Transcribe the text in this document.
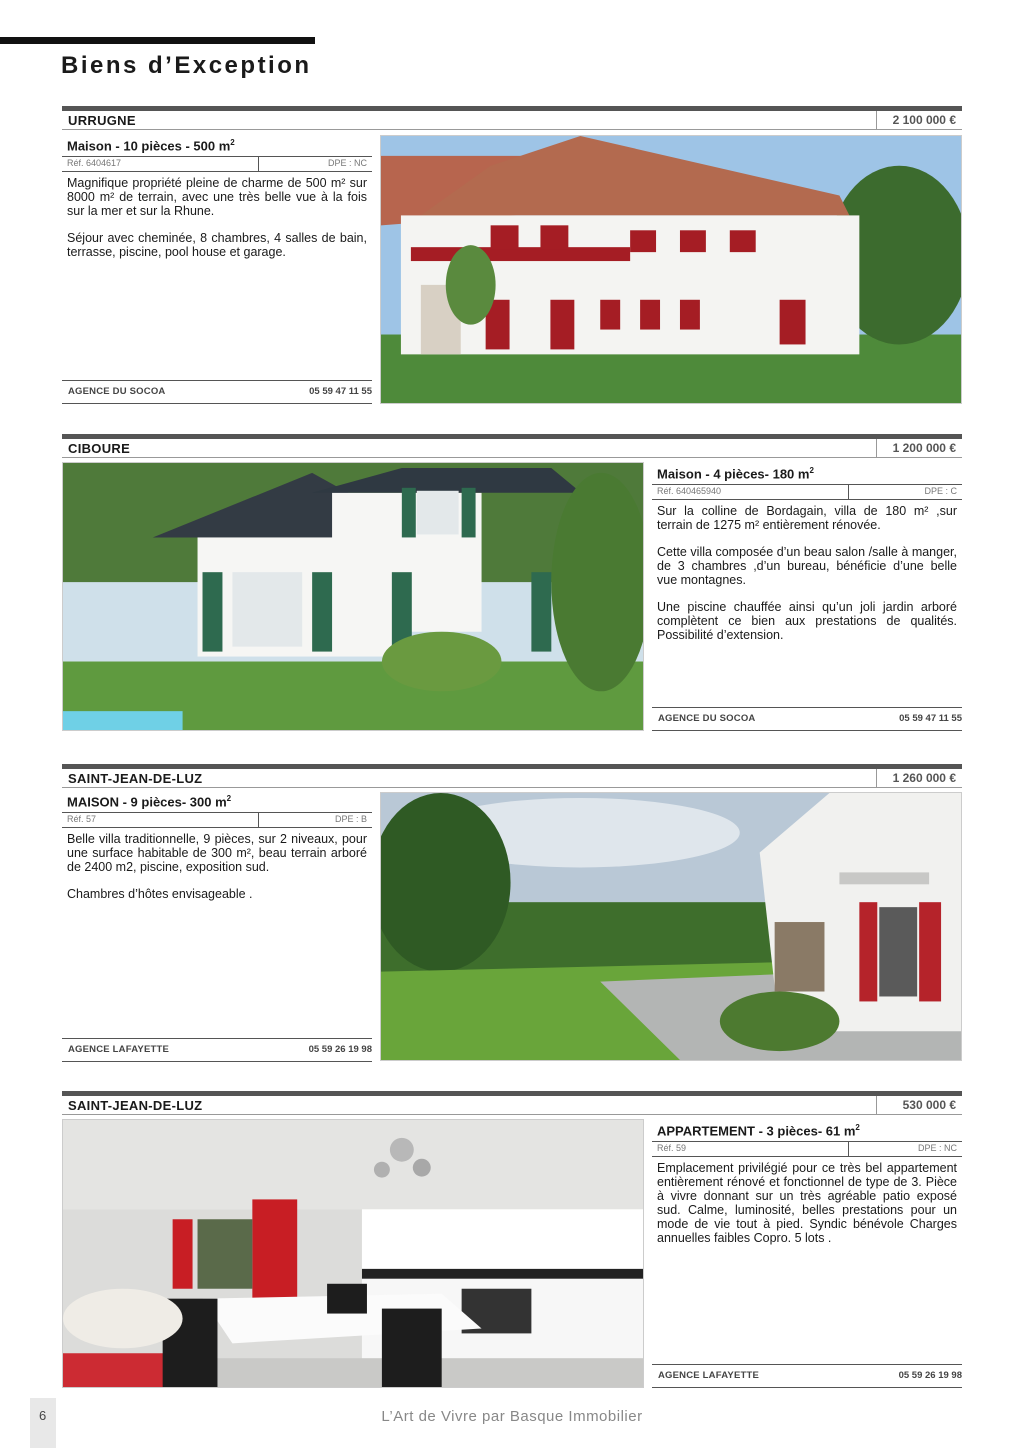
Biens d’Exception
URRUGNE	2 100 000 €
Maison - 10 pièces - 500 $m^2$
Réf. 6404617	DPE : NC

Magnifique propriété pleine de charme de 500 m² sur 8000 m² de terrain, avec une très belle vue à la fois sur la mer et sur la Rhune.

Séjour avec cheminée, 8 chambres, 4 salles de bain, terrasse, piscine, pool house et garage.

AGENCE DU SOCOA	05 59 47 11 55
CIBOURE	1 200 000 €
Maison - 4 pièces- 180 $m^2$
Réf. 640465940	DPE : C

Sur la colline de Bordagain, villa de 180 m² ,sur terrain de 1275 m² entièrement rénovée.

Cette villa composée d’un beau salon /salle à manger, de 3 chambres ,d’un bureau, bénéficie d’une belle vue montagnes.

Une piscine chauffée ainsi qu’un joli jardin arboré complètent ce bien aux prestations de qualités. Possibilité d’extension.

AGENCE DU SOCOA	05 59 47 11 55
SAINT-JEAN-DE-LUZ	1 260 000 €
MAISON - 9 pièces- 300 $m^2$
Réf. 57	DPE : B

Belle villa traditionnelle, 9 pièces, sur 2 niveaux, pour une surface habitable de 300 m², beau terrain arboré de 2400 m2, piscine, exposition sud.

Chambres d’hôtes envisageable .

AGENCE LAFAYETTE	05 59 26 19 98
SAINT-JEAN-DE-LUZ	530 000 €
APPARTEMENT - 3 pièces- 61 $m^2$
Réf. 59	DPE : NC

Emplacement privilégié pour ce très bel appartement entièrement rénové et fonctionnel de type de 3. Pièce à vivre donnant sur un très agréable patio exposé sud. Calme, luminosité, belles prestations pour un mode de vie tout à pied. Syndic bénévole Charges annuelles faibles Copro. 5 lots .

AGENCE LAFAYETTE	05 59 26 19 98
6	L’Art de Vivre par Basque Immobilier
